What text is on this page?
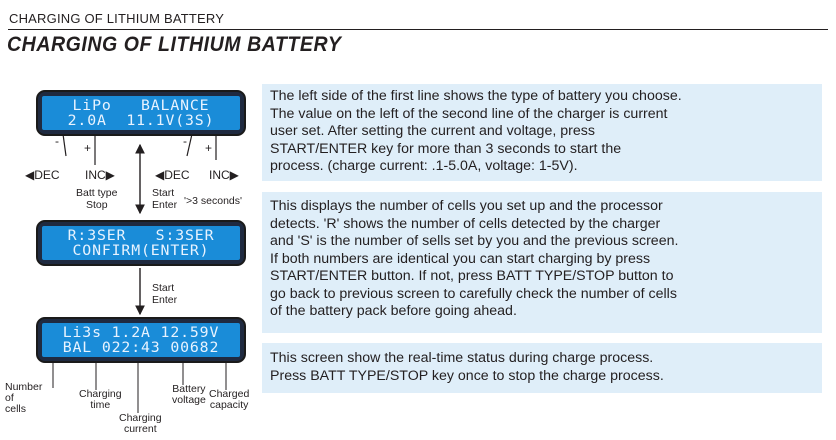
CHARGING OF LITHIUM BATTERY
CHARGING OF LITHIUM BATTERY
LiPo   BALANCE
2.0A  11.1V(3S)
- +	- +
◀DEC INC▶	◀DEC INC▶
Batt type
Stop
Start
Enter '>3 seconds'
R:3SER   S:3SER
CONFIRM(ENTER)
Start
Enter
Li3s 1.2A 12.59V
BAL 022:43 00682
Number
of
cells
Charging
time
Charging
current
Battery
voltage Charged
capacity
The left side of the first line shows the type of battery you choose.
The value on the left of the second line of the charger is current
user set. After setting the current and voltage, press
START/ENTER key for more than 3 seconds to start the
process. (charge current: .1-5.0A, voltage: 1-5V).
This displays the number of cells you set up and the processor
detects. 'R' shows the number of cells detected by the charger
and 'S' is the number of sells set by you and the previous screen.
If both numbers are identical you can start charging by press
START/ENTER button. If not, press BATT TYPE/STOP button to
go back to previous screen to carefully check the number of cells
of the battery pack before going ahead.
This screen show the real-time status during charge process.
Press BATT TYPE/STOP key once to stop the charge process.
